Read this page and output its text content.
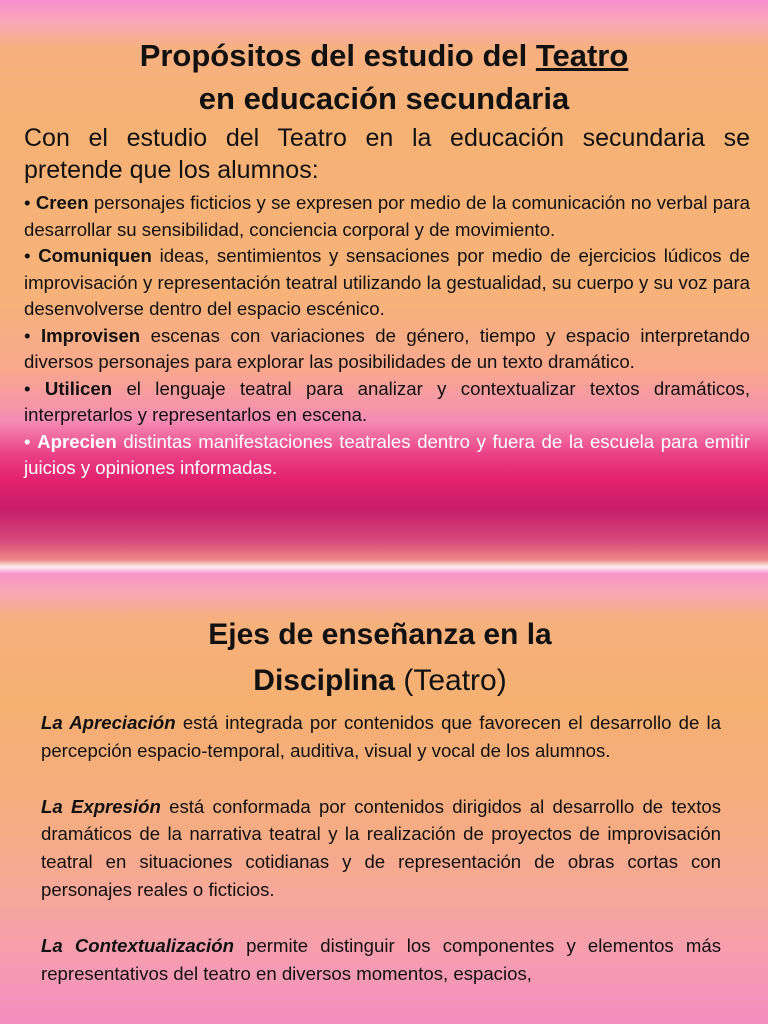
Propósitos del estudio del Teatro
en educación secundaria
Con el estudio del Teatro en la educación secundaria se pretende que los alumnos:

• Creen personajes ficticios y se expresen por medio de la comunicación no verbal para desarrollar su sensibilidad, conciencia corporal y de movimiento.

• Comuniquen ideas, sentimientos y sensaciones por medio de ejercicios lúdicos de improvisación y representación teatral utilizando la gestualidad, su cuerpo y su voz para desenvolverse dentro del espacio escénico.

• Improvisen escenas con variaciones de género, tiempo y espacio interpretando diversos personajes para explorar las posibilidades de un texto dramático.

• Utilicen el lenguaje teatral para analizar y contextualizar textos dramáticos, interpretarlos y representarlos en escena.

• Aprecien distintas manifestaciones teatrales dentro y fuera de la escuela para emitir juicios y opiniones informadas.

Ejes de enseñanza en la
Disciplina (Teatro)

La Apreciación está integrada por contenidos que favorecen el desarrollo de la percepción espacio-temporal, auditiva, visual y vocal de los alumnos.

La Expresión está conformada por contenidos dirigidos al desarrollo de textos dramáticos de la narrativa teatral y la realización de proyectos de improvisación teatral en situaciones cotidianas y de representación de obras cortas con personajes reales o ficticios.

La Contextualización permite distinguir los componentes y elementos más representativos del teatro en diversos momentos, espacios,
